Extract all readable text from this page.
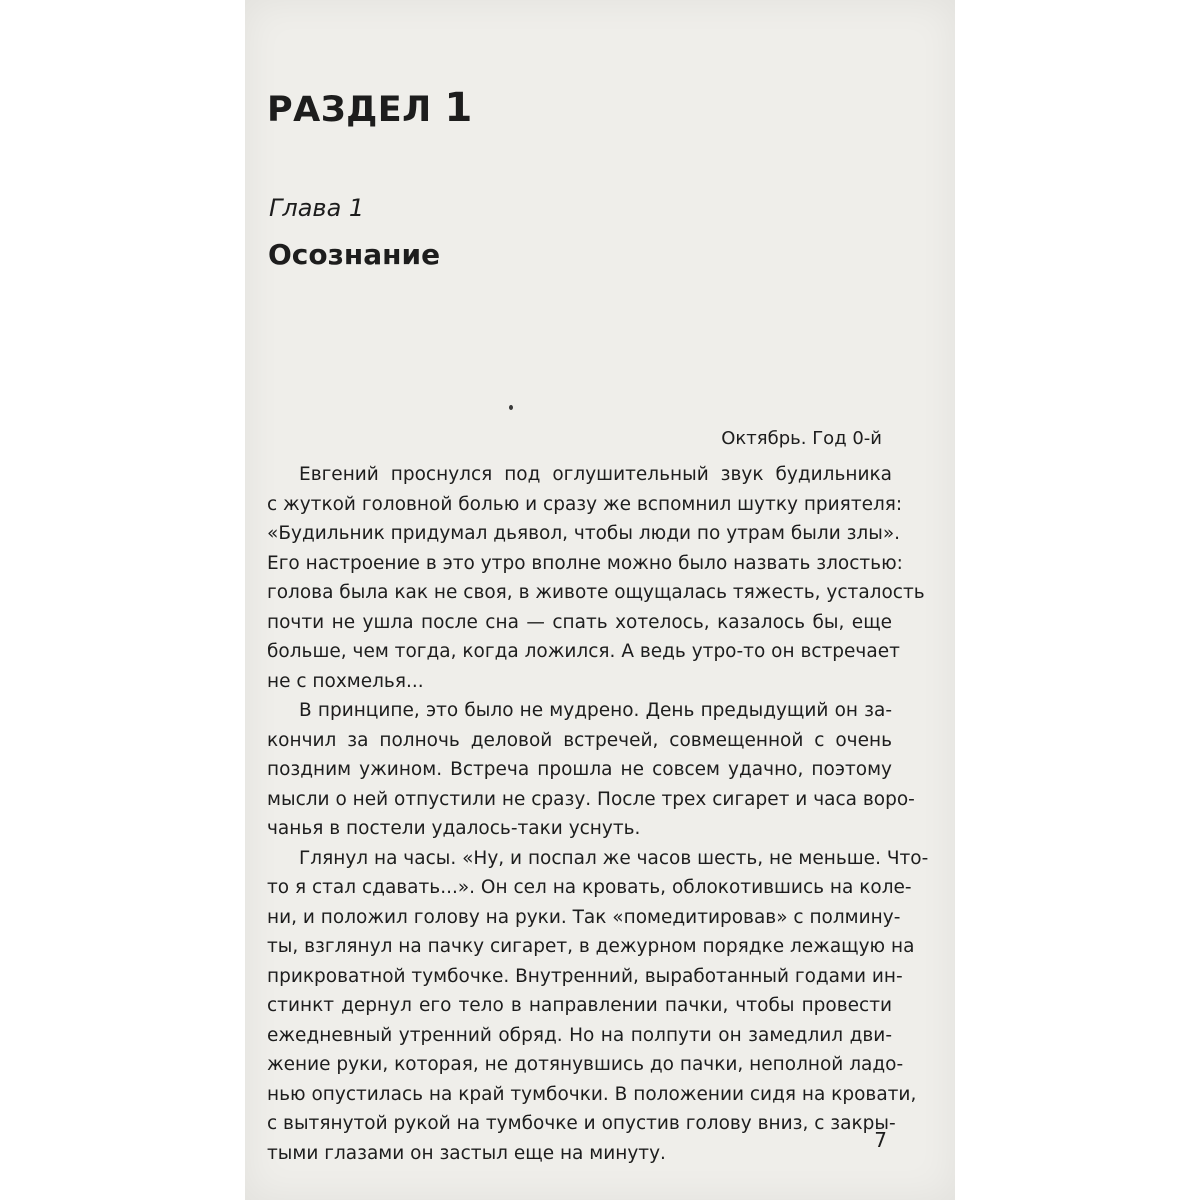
РАЗДЕЛ 1

Глава 1

Осознание

Октябрь. Год 0-й

Евгений проснулся под оглушительный звук будильника
с жуткой головной болью и сразу же вспомнил шутку приятеля:
«Будильник придумал дьявол, чтобы люди по утрам были злы».
Его настроение в это утро вполне можно было назвать злостью:
голова была как не своя, в животе ощущалась тяжесть, усталость
почти не ушла после сна — спать хотелось, казалось бы, еще
больше, чем тогда, когда ложился. А ведь утро-то он встречает
не с похмелья...
В принципе, это было не мудрено. День предыдущий он за-
кончил за полночь деловой встречей, совмещенной с очень
поздним ужином. Встреча прошла не совсем удачно, поэтому
мысли о ней отпустили не сразу. После трех сигарет и часа воро-
чанья в постели удалось-таки уснуть.
Глянул на часы. «Ну, и поспал же часов шесть, не меньше. Что-
то я стал сдавать...». Он сел на кровать, облокотившись на коле-
ни, и положил голову на руки. Так «помедитировав» с полмину-
ты, взглянул на пачку сигарет, в дежурном порядке лежащую на
прикроватной тумбочке. Внутренний, выработанный годами ин-
стинкт дернул его тело в направлении пачки, чтобы провести
ежедневный утренний обряд. Но на полпути он замедлил дви-
жение руки, которая, не дотянувшись до пачки, неполной ладо-
нью опустилась на край тумбочки. В положении сидя на кровати,
с вытянутой рукой на тумбочке и опустив голову вниз, с закры-
тыми глазами он застыл еще на минуту.

7
